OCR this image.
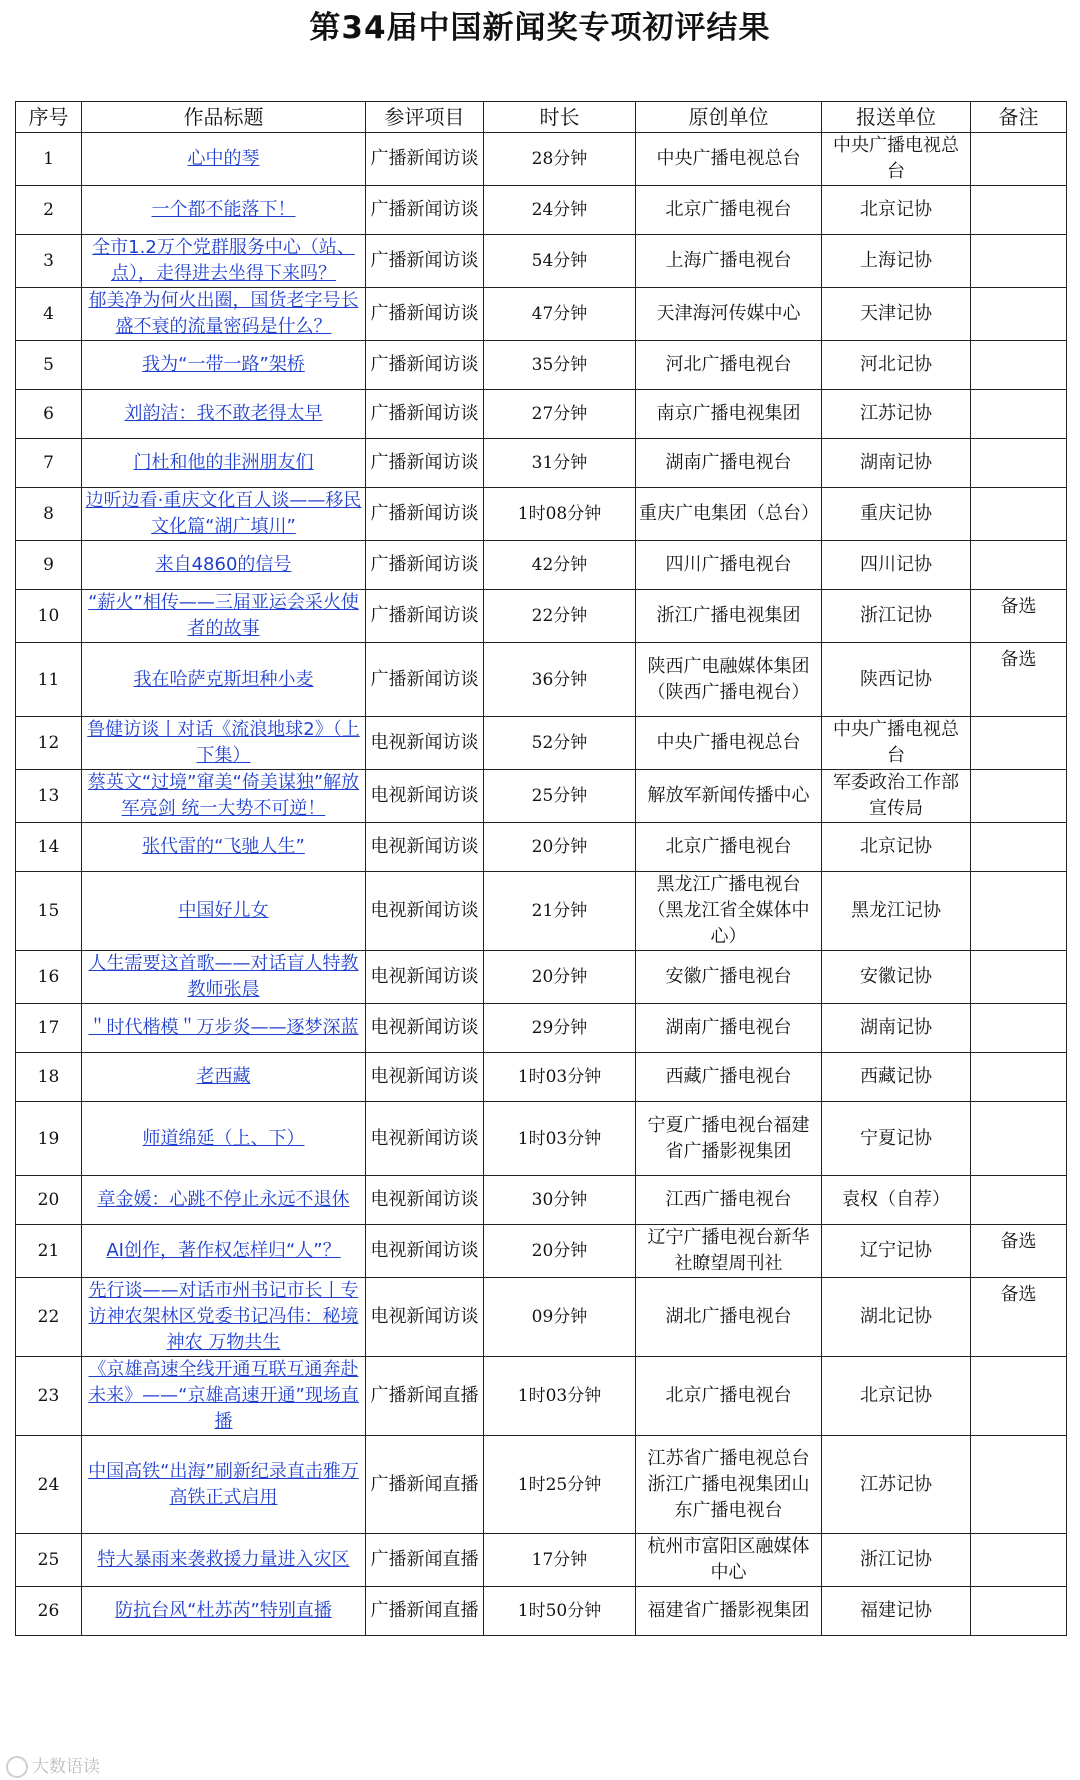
第34届中国新闻奖专项初评结果
序号	作品标题	参评项目	时长	原创单位	报送单位	备注
1	心中的琴	广播新闻访谈	28分钟	中央广播电视总台	中央广播电视总台	
2	一个都不能落下！	广播新闻访谈	24分钟	北京广播电视台	北京记协	
3	全市1.2万个党群服务中心（站、点），走得进去坐得下来吗？	广播新闻访谈	54分钟	上海广播电视台	上海记协	
4	郁美净为何火出圈，国货老字号长盛不衰的流量密码是什么？	广播新闻访谈	47分钟	天津海河传媒中心	天津记协	
5	我为“一带一路”架桥	广播新闻访谈	35分钟	河北广播电视台	河北记协	
6	刘韵洁：我不敢老得太早	广播新闻访谈	27分钟	南京广播电视集团	江苏记协	
7	门杜和他的非洲朋友们	广播新闻访谈	31分钟	湖南广播电视台	湖南记协	
8	边听边看·重庆文化百人谈——移民文化篇“湖广填川”	广播新闻访谈	1时08分钟	重庆广电集团（总台）	重庆记协	
9	来自4860的信号	广播新闻访谈	42分钟	四川广播电视台	四川记协	
10	“薪火”相传——三届亚运会采火使者的故事	广播新闻访谈	22分钟	浙江广播电视集团	浙江记协	备选
11	我在哈萨克斯坦种小麦	广播新闻访谈	36分钟	陕西广电融媒体集团（陕西广播电视台）	陕西记协	备选
12	鲁健访谈丨对话《流浪地球2》（上下集）	电视新闻访谈	52分钟	中央广播电视总台	中央广播电视总台	
13	蔡英文“过境”窜美“倚美谋独”解放军亮剑 统一大势不可逆！	电视新闻访谈	25分钟	解放军新闻传播中心	军委政治工作部宣传局	
14	张代雷的“飞驰人生”	电视新闻访谈	20分钟	北京广播电视台	北京记协	
15	中国好儿女	电视新闻访谈	21分钟	黑龙江广播电视台（黑龙江省全媒体中心）	黑龙江记协	
16	人生需要这首歌——对话盲人特教教师张晨	电视新闻访谈	20分钟	安徽广播电视台	安徽记协	
17	＂时代楷模＂万步炎——逐梦深蓝	电视新闻访谈	29分钟	湖南广播电视台	湖南记协	
18	老西藏	电视新闻访谈	1时03分钟	西藏广播电视台	西藏记协	
19	师道绵延（上、下）	电视新闻访谈	1时03分钟	宁夏广播电视台福建省广播影视集团	宁夏记协	
20	章金媛：心跳不停止永远不退休	电视新闻访谈	30分钟	江西广播电视台	袁权（自荐）	
21	AI创作，著作权怎样归“人”？	电视新闻访谈	20分钟	辽宁广播电视台新华社瞭望周刊社	辽宁记协	备选
22	先行谈——对话市州书记市长丨专访神农架林区党委书记冯伟：秘境神农 万物共生	电视新闻访谈	09分钟	湖北广播电视台	湖北记协	备选
23	《京雄高速全线开通互联互通奔赴未来》——“京雄高速开通”现场直播	广播新闻直播	1时03分钟	北京广播电视台	北京记协	
24	中国高铁“出海”刷新纪录直击雅万高铁正式启用	广播新闻直播	1时25分钟	江苏省广播电视总台浙江广播电视集团山东广播电视台	江苏记协	
25	特大暴雨来袭救援力量进入灾区	广播新闻直播	17分钟	杭州市富阳区融媒体中心	浙江记协	
26	防抗台风“杜苏芮”特别直播	广播新闻直播	1时50分钟	福建省广播影视集团	福建记协	
大数语读
